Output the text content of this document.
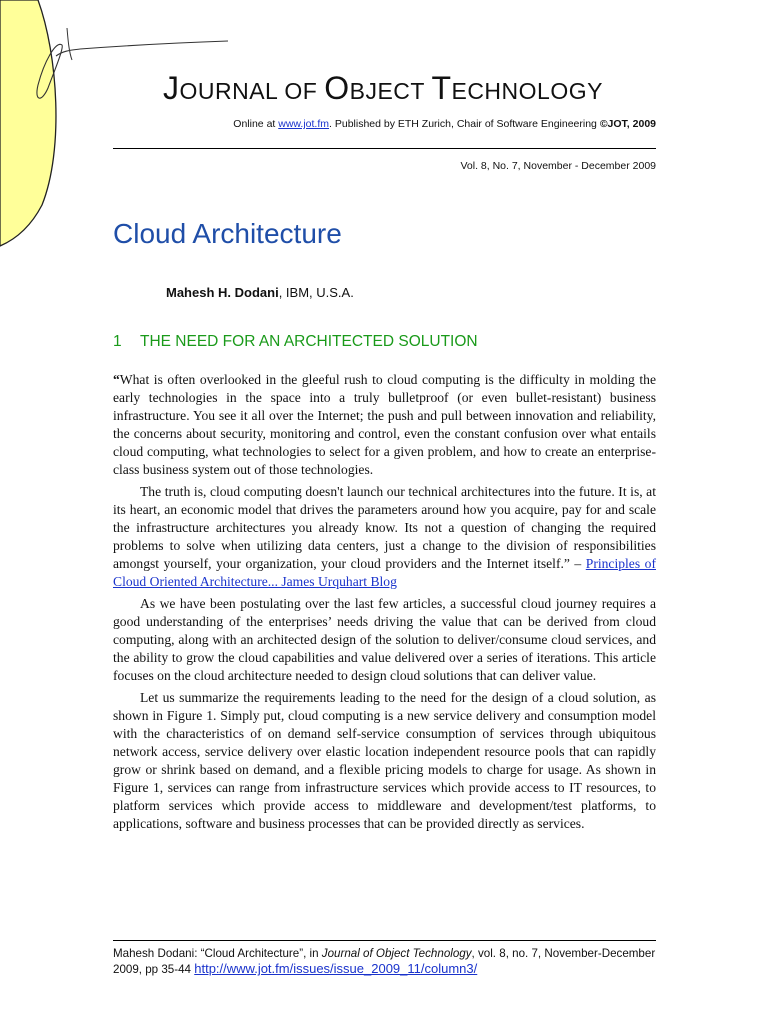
JOURNAL OF OBJECT TECHNOLOGY
Online at www.jot.fm. Published by ETH Zurich, Chair of Software Engineering ©JOT, 2009
Vol. 8, No. 7, November - December 2009
Cloud Architecture
Mahesh H. Dodani, IBM, U.S.A.
1 THE NEED FOR AN ARCHITECTED SOLUTION

“What is often overlooked in the gleeful rush to cloud computing is the difficulty in molding the early technologies in the space into a truly bulletproof (or even bullet-resistant) business infrastructure. You see it all over the Internet; the push and pull between innovation and reliability, the concerns about security, monitoring and control, even the constant confusion over what entails cloud computing, what technologies to select for a given problem, and how to create an enterprise-class business system out of those technologies.

The truth is, cloud computing doesn't launch our technical architectures into the future. It is, at its heart, an economic model that drives the parameters around how you acquire, pay for and scale the infrastructure architectures you already know. Its not a question of changing the required problems to solve when utilizing data centers, just a change to the division of responsibilities amongst yourself, your organization, your cloud providers and the Internet itself.” – Principles of Cloud Oriented Architecture... James Urquhart Blog

As we have been postulating over the last few articles, a successful cloud journey requires a good understanding of the enterprises’ needs driving the value that can be derived from cloud computing, along with an architected design of the solution to deliver/consume cloud services, and the ability to grow the cloud capabilities and value delivered over a series of iterations. This article focuses on the cloud architecture needed to design cloud solutions that can deliver value.

Let us summarize the requirements leading to the need for the design of a cloud solution, as shown in Figure 1. Simply put, cloud computing is a new service delivery and consumption model with the characteristics of on demand self-service consumption of services through ubiquitous network access, service delivery over elastic location independent resource pools that can rapidly grow or shrink based on demand, and a flexible pricing models to charge for usage. As shown in Figure 1, services can range from infrastructure services which provide access to IT resources, to platform services which provide access to middleware and development/test platforms, to applications, software and business processes that can be provided directly as services.

Mahesh Dodani: “Cloud Architecture”, in Journal of Object Technology, vol. 8, no. 7, November-December 2009, pp 35-44 http://www.jot.fm/issues/issue_2009_11/column3/
